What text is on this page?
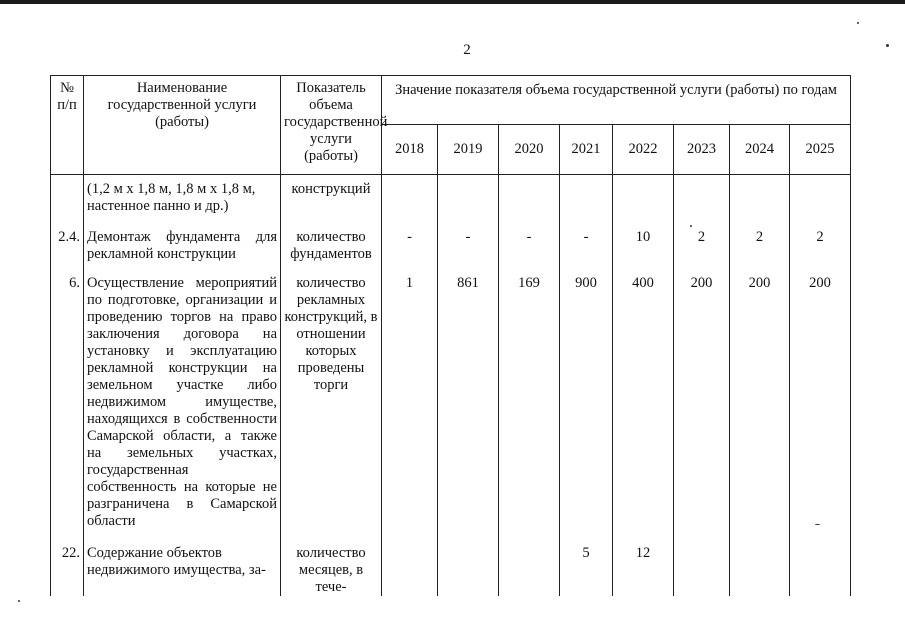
2
№ п/п	Наименование государственной услуги (работы)	Показатель объема государственной услуги (работы)	Значение показателя объема государственной услуги (работы) по годам							
			2018	2019	2020	2021	2022	2023	2024	2025
	(1,2 м х 1,8 м, 1,8 м х 1,8 м, настенное панно и др.)	конструкций								
2.4.	Демонтаж фундамента для рекламной конструкции	количество фундаментов	-	-	-	-	10	2	2	2
6.	Осуществление мероприятий по подготовке, организации и проведению торгов на право заключения договора на установку и эксплуатацию рекламной конструкции на земельном участке либо недвижимом имуществе, находящихся в собственности Самарской области, а также на земельных участках, государственная собственность на которые не разграничена в Самарской области	количество рекламных конструкций, в отношении которых проведены торги	1	861	169	900	400	200	200	200
22.	Содержание объектов недвижимого имущества, за-	количество месяцев, в тече-				5	12			
